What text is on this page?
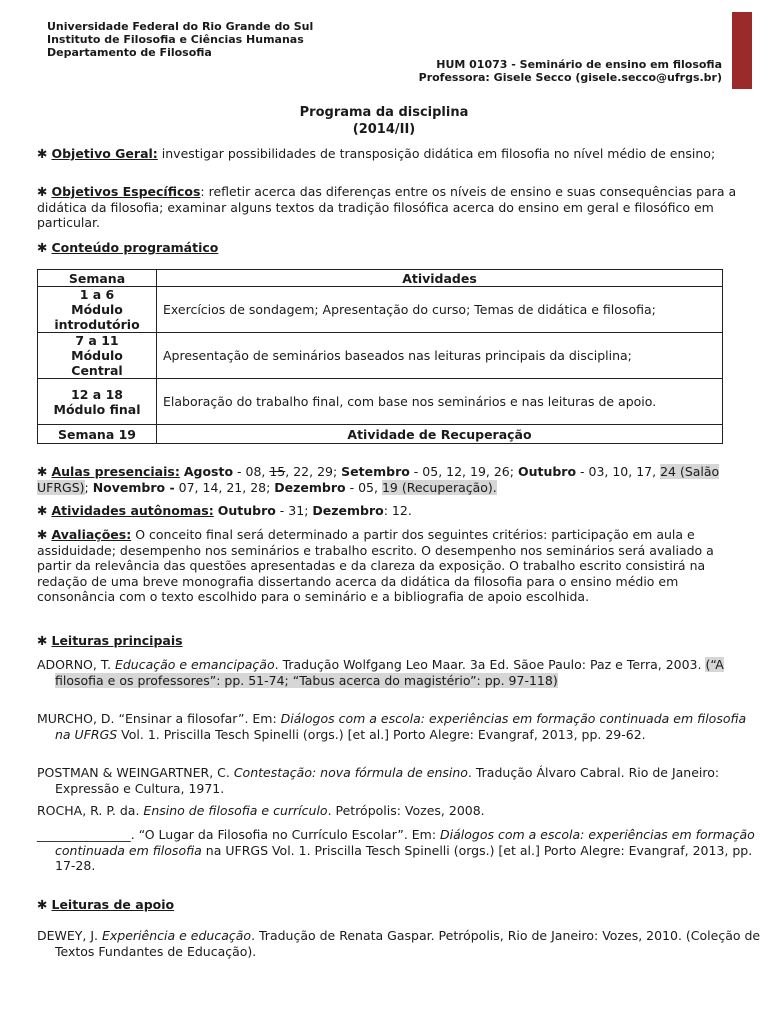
Universidade Federal do Rio Grande do Sul
Instituto de Filosofia e Ciências Humanas
Departamento de Filosofia
HUM 01073 - Seminário de ensino em filosofia
Professora: Gisele Secco (gisele.secco@ufrgs.br)
Programa da disciplina
(2014/II)
✱ Objetivo Geral: investigar possibilidades de transposição didática em filosofia no nível médio de ensino;
✱ Objetivos Específicos: refletir acerca das diferenças entre os níveis de ensino e suas consequências para a didática da filosofia; examinar alguns textos da tradição filosófica acerca do ensino em geral e filosófico em particular.
✱ Conteúdo programático
Semana	Atividades

1 a 6
Módulo introdutório	Exercícios de sondagem; Apresentação do curso; Temas de didática e filosofia;

7 a 11
Módulo Central	Apresentação de seminários baseados nas leituras principais da disciplina;

12 a 18
Módulo final	Elaboração do trabalho final, com base nos seminários e nas leituras de apoio.
Semana 19	Atividade de Recuperação
✱ Aulas presenciais: Agosto - 08, 15, 22, 29; Setembro - 05, 12, 19, 26; Outubro - 03, 10, 17, 24 (Salão UFRGS); Novembro - 07, 14, 21, 28; Dezembro - 05, 19 (Recuperação).
✱ Atividades autônomas: Outubro - 31; Dezembro: 12.
✱ Avaliações: O conceito final será determinado a partir dos seguintes critérios: participação em aula e assiduidade; desempenho nos seminários e trabalho escrito. O desempenho nos seminários será avaliado a partir da relevância das questões apresentadas e da clareza da exposição. O trabalho escrito consistirá na redação de uma breve monografia dissertando acerca da didática da filosofia para o ensino médio em consonância com o texto escolhido para o seminário e a bibliografia de apoio escolhida.
✱ Leituras principais
ADORNO, T. Educação e emancipação. Tradução Wolfgang Leo Maar. 3a Ed. Sãoe Paulo: Paz e Terra, 2003. (“A filosofia e os professores”: pp. 51-74; “Tabus acerca do magistério”: pp. 97-118)
MURCHO, D. “Ensinar a filosofar”. Em: Diálogos com a escola: experiências em formação continuada em filosofia na UFRGS Vol. 1. Priscilla Tesch Spinelli (orgs.) [et al.] Porto Alegre: Evangraf, 2013, pp. 29-62.
POSTMAN & WEINGARTNER, C. Contestação: nova fórmula de ensino. Tradução Álvaro Cabral. Rio de Janeiro: Expressão e Cultura, 1971.
ROCHA, R. P. da. Ensino de filosofia e currículo. Petrópolis: Vozes, 2008.
_______________. “O Lugar da Filosofia no Currículo Escolar”. Em: Diálogos com a escola: experiências em formação continuada em filosofia na UFRGS Vol. 1. Priscilla Tesch Spinelli (orgs.) [et al.] Porto Alegre: Evangraf, 2013, pp. 17-28.
✱ Leituras de apoio
DEWEY, J. Experiência e educação. Tradução de Renata Gaspar. Petrópolis, Rio de Janeiro: Vozes, 2010. (Coleção de Textos Fundantes de Educação).
